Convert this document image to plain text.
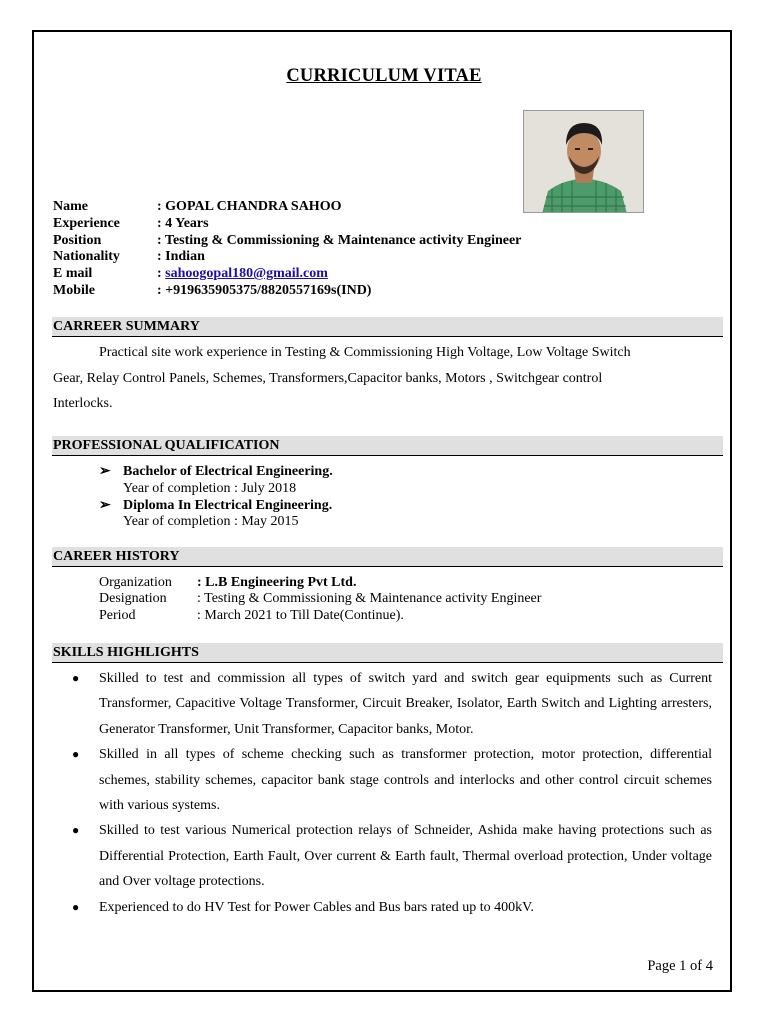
CURRICULUM VITAE
Name	: GOPAL CHANDRA SAHOO
Experience	: 4 Years
Position	: Testing & Commissioning & Maintenance activity Engineer
Nationality	: Indian
E mail	: sahoogopal180@gmail.com
Mobile	: +919635905375/8820557169s(IND)
CARREER SUMMARY
Practical site work experience in Testing & Commissioning High Voltage, Low Voltage Switch
Gear, Relay Control Panels, Schemes, Transformers,Capacitor banks, Motors , Switchgear control
Interlocks.
PROFESSIONAL QUALIFICATION
➢ Bachelor of Electrical Engineering.
Year of completion : July 2018
➢ Diploma In Electrical Engineering.
Year of completion : May 2015
CAREER HISTORY
Organization	: L.B Engineering Pvt Ltd.
Designation	: Testing & Commissioning & Maintenance activity Engineer
Period	: March 2021 to Till Date(Continue).
SKILLS HIGHLIGHTS
●	Skilled to test and commission all types of switch yard and switch gear equipments such as Current Transformer, Capacitive Voltage Transformer, Circuit Breaker, Isolator, Earth Switch and Lighting arresters, Generator Transformer, Unit Transformer, Capacitor banks, Motor.
●	Skilled in all types of scheme checking such as transformer protection, motor protection, differential schemes, stability schemes, capacitor bank stage controls and interlocks and other control circuit schemes with various systems.
●	Skilled to test various Numerical protection relays of Schneider, Ashida make having protections such as Differential Protection, Earth Fault, Over current & Earth fault, Thermal overload protection, Under voltage and Over voltage protections.
●	Experienced to do HV Test for Power Cables and Bus bars rated up to 400kV.
Page 1 of 4
